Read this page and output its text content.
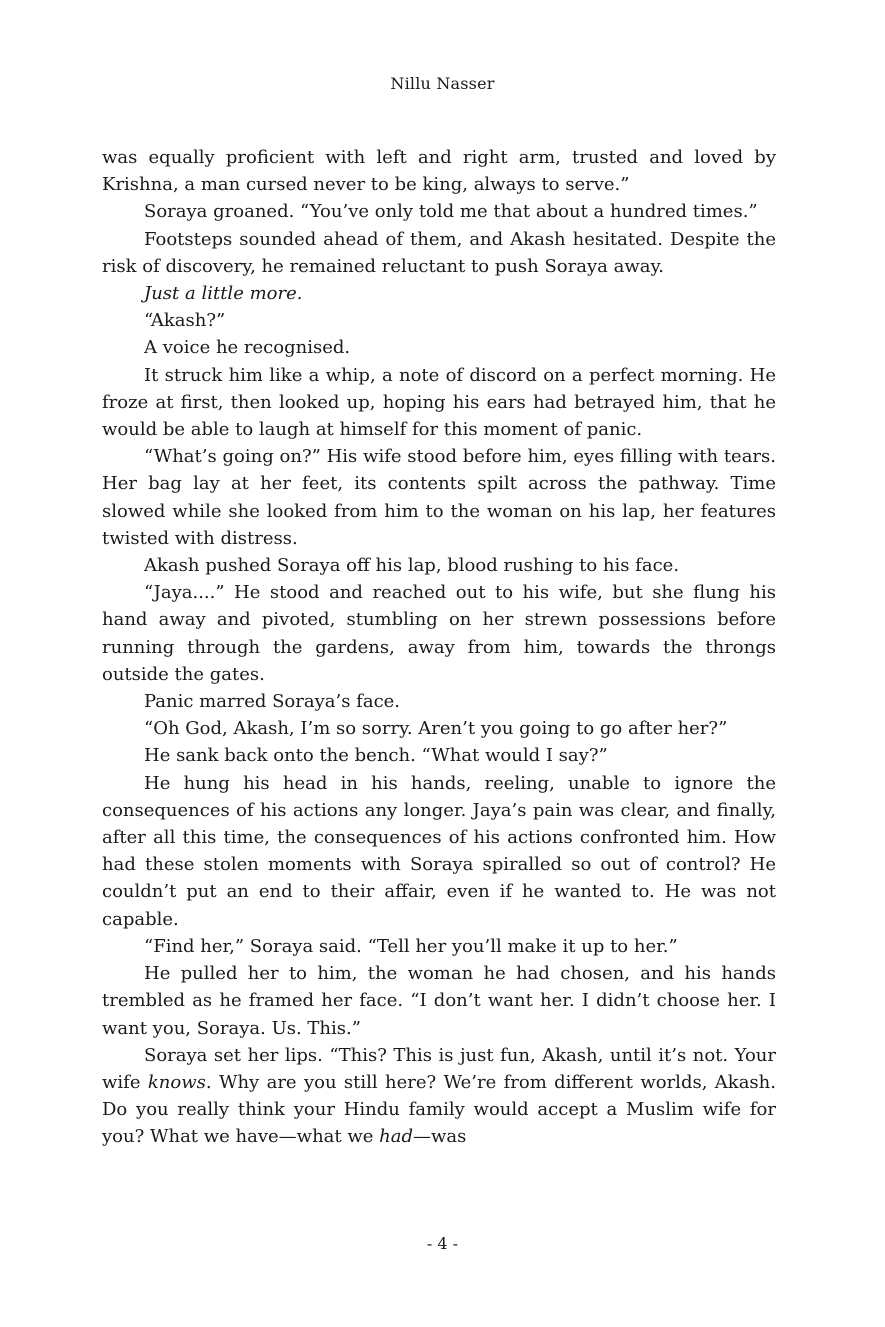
Nillu Nasser

was equally proficient with left and right arm, trusted and loved by Krishna, a man cursed never to be king, always to serve.”

Soraya groaned. “You’ve only told me that about a hundred times.”

Footsteps sounded ahead of them, and Akash hesitated. Despite the risk of discovery, he remained reluctant to push Soraya away.

Just a little more.

“Akash?”

A voice he recognised.

It struck him like a whip, a note of discord on a perfect morning. He froze at first, then looked up, hoping his ears had betrayed him, that he would be able to laugh at himself for this moment of panic.

“What’s going on?” His wife stood before him, eyes filling with tears. Her bag lay at her feet, its contents spilt across the pathway. Time slowed while she looked from him to the woman on his lap, her features twisted with distress.

Akash pushed Soraya off his lap, blood rushing to his face.

“Jaya....” He stood and reached out to his wife, but she flung his hand away and pivoted, stumbling on her strewn possessions before running through the gardens, away from him, towards the throngs outside the gates.

Panic marred Soraya’s face.

“Oh God, Akash, I’m so sorry. Aren’t you going to go after her?”

He sank back onto the bench. “What would I say?”

He hung his head in his hands, reeling, unable to ignore the consequences of his actions any longer. Jaya’s pain was clear, and finally, after all this time, the consequences of his actions confronted him. How had these stolen moments with Soraya spiralled so out of control? He couldn’t put an end to their affair, even if he wanted to. He was not capable.

“Find her,” Soraya said. “Tell her you’ll make it up to her.”

He pulled her to him, the woman he had chosen, and his hands trembled as he framed her face. “I don’t want her. I didn’t choose her. I want you, Soraya. Us. This.”

Soraya set her lips. “This? This is just fun, Akash, until it’s not. Your wife knows. Why are you still here? We’re from different worlds, Akash. Do you really think your Hindu family would accept a Muslim wife for you? What we have—what we had—was

- 4 -
